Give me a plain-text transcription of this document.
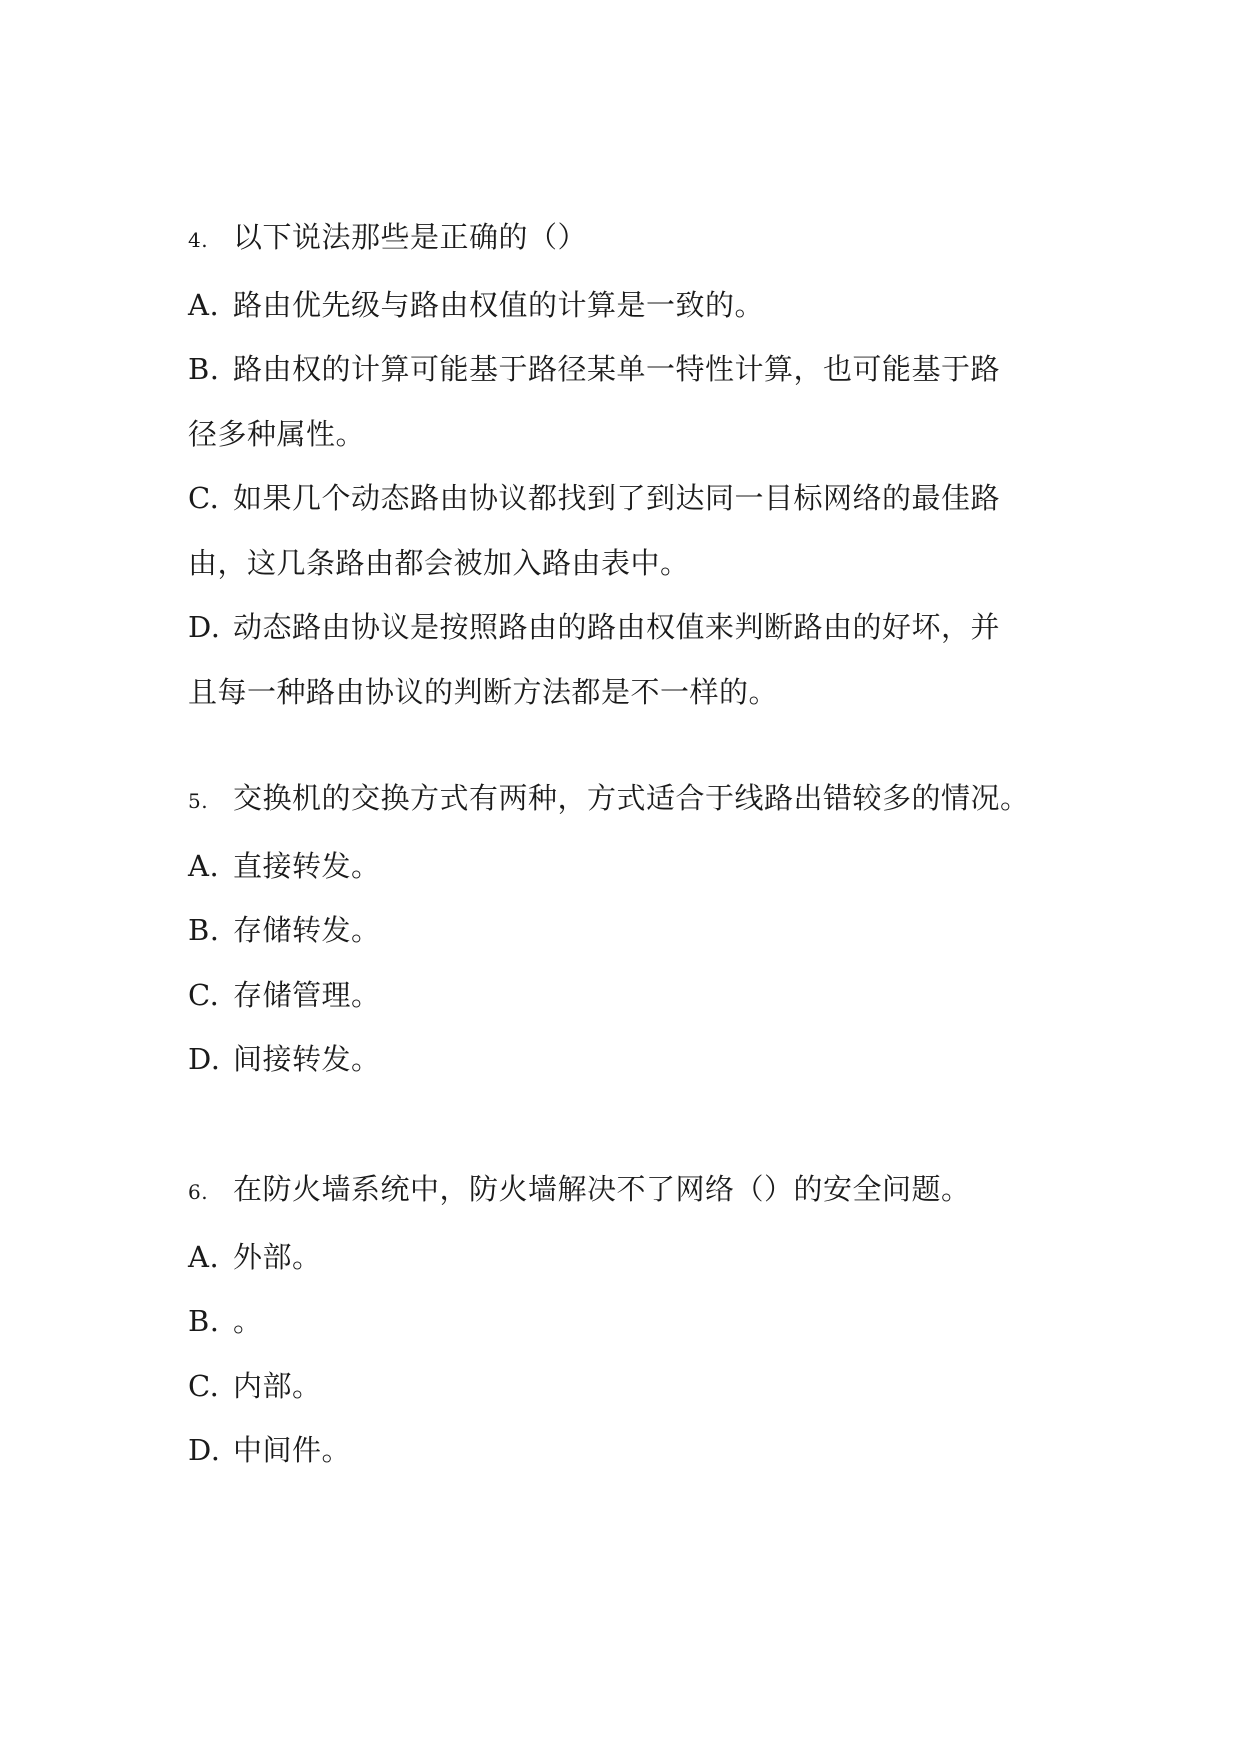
4. 以下说法那些是正确的（）
A. 路由优先级与路由权值的计算是一致的。
B. 路由权的计算可能基于路径某单一特性计算，也可能基于路
径多种属性。
C. 如果几个动态路由协议都找到了到达同一目标网络的最佳路
由，这几条路由都会被加入路由表中。
D. 动态路由协议是按照路由的路由权值来判断路由的好坏，并
且每一种路由协议的判断方法都是不一样的。
5. 交换机的交换方式有两种，方式适合于线路出错较多的情况。
A. 直接转发。
B. 存储转发。
C. 存储管理。
D. 间接转发。
6. 在防火墙系统中，防火墙解决不了网络（）的安全问题。
A. 外部。
B. 。
C. 内部。
D. 中间件。
